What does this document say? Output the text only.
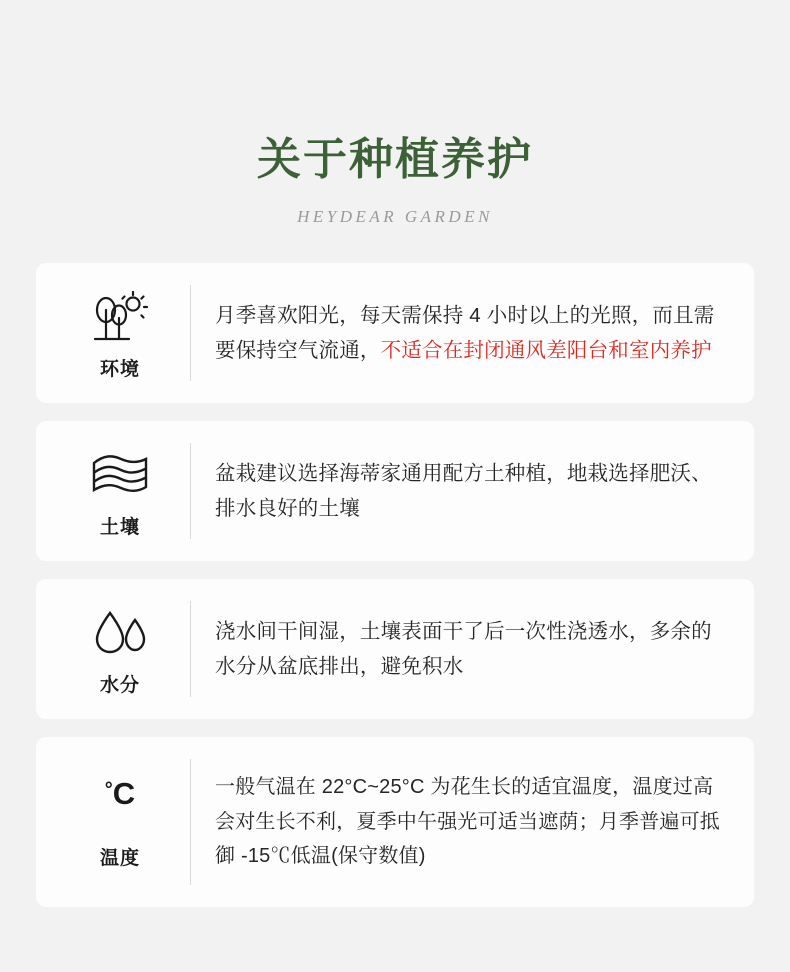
关于种植养护
HEYDEAR GARDEN
环境
月季喜欢阳光，每天需保持 4 小时以上的光照，而且需要保持空气流通，不适合在封闭通风差阳台和室内养护
土壤
盆栽建议选择海蒂家通用配方土种植，地栽选择肥沃、排水良好的土壤
水分
浇水间干间湿，土壤表面干了后一次性浇透水，多余的水分从盆底排出，避免积水
° C
温度
一般气温在 22°C~25°C 为花生长的适宜温度，温度过高会对生长不利，夏季中午强光可适当遮荫；月季普遍可抵御 -15℃低温(保守数值)
